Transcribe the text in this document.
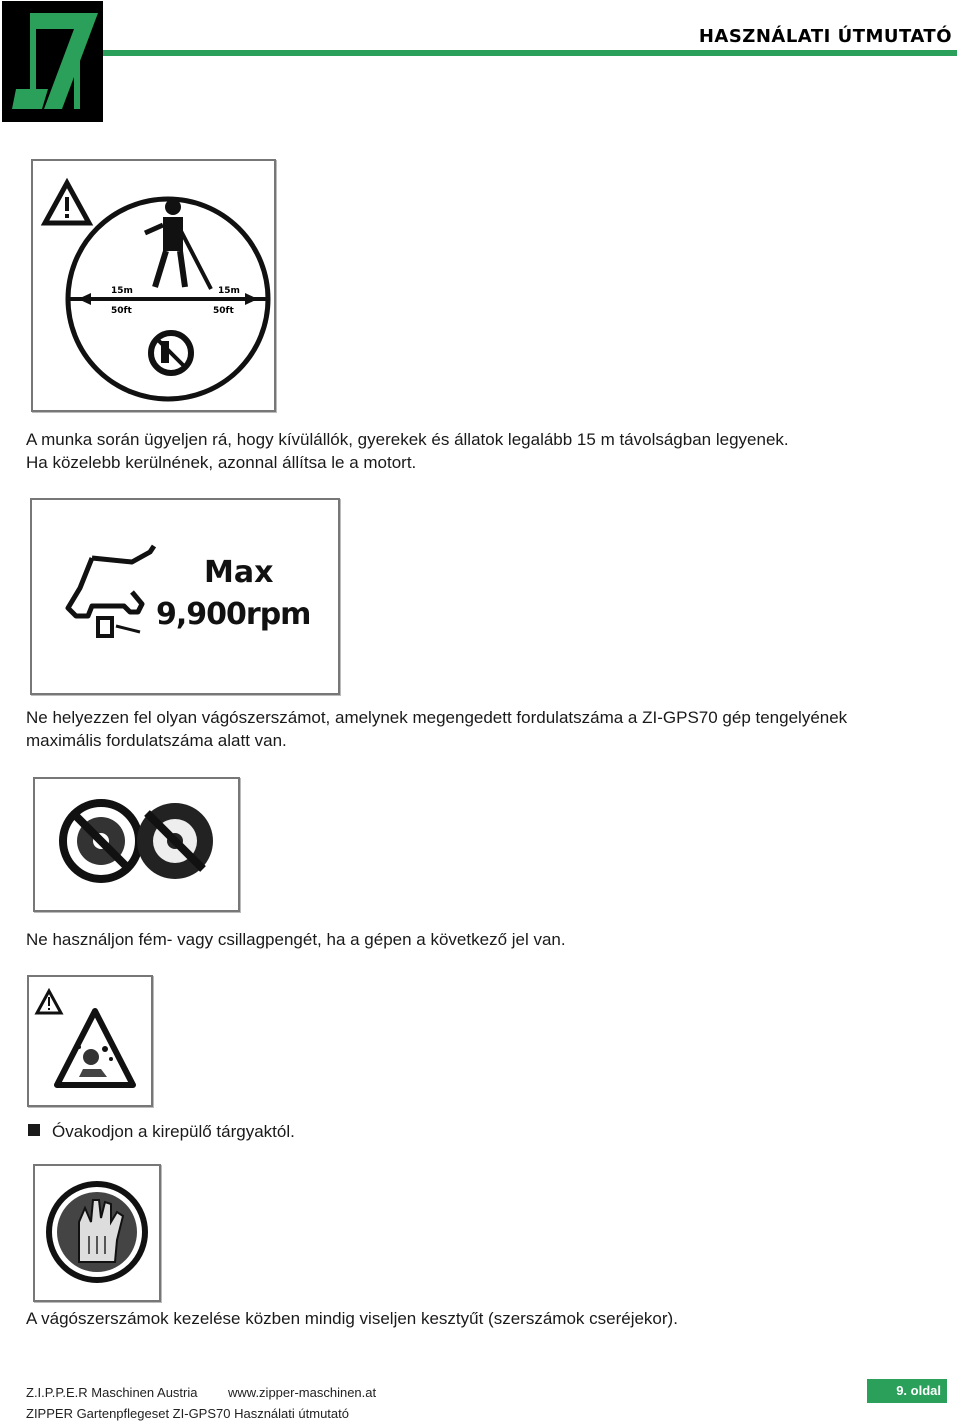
HASZNÁLATI ÚTMUTATÓ
15m
50ft
15m
50ft
A munka során ügyeljen rá, hogy kívülállók, gyerekek és állatok legalább 15 m távolságban legyenek.
Ha közelebb kerülnének, azonnal állítsa le a motort.
Max
9,900rpm
Ne helyezzen fel olyan vágószerszámot, amelynek megengedett fordulatszáma a ZI-GPS70 gép tengelyének
maximális fordulatszáma alatt van.
Ne használjon fém- vagy csillagpengét, ha a gépen a következő jel van.
Óvakodjon a kirepülő tárgyaktól.
A vágószerszámok kezelése közben mindig viseljen kesztyűt (szerszámok cseréjekor).
Z.I.P.P.E.R Maschinen Austria www.zipper-maschinen.at
ZIPPER Gartenpflegeset ZI-GPS70 Használati útmutató
9. oldal
